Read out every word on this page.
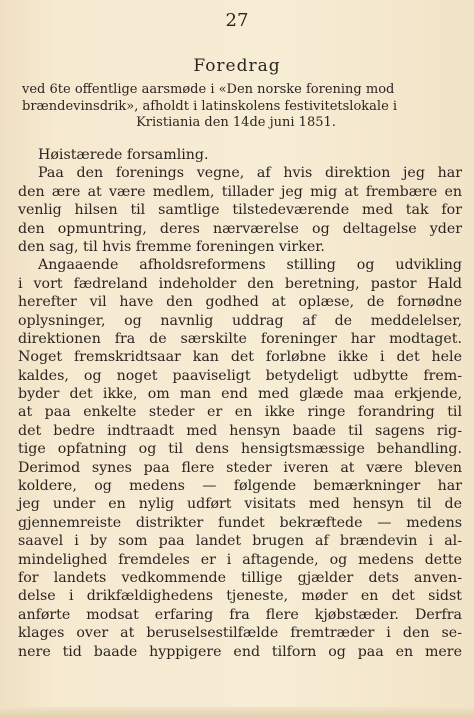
27
Foredrag
ved 6te offentlige aarsmøde i «Den norske forening mod
brændevinsdrik», afholdt i latinskolens festivitetslokale i
Kristiania den 14de juni 1851.
Høistærede forsamling.
Paa den forenings vegne, af hvis direktion jeg har
den ære at være medlem, tillader jeg mig at frembære en
venlig hilsen til samtlige tilstedeværende med tak for
den opmuntring, deres nærværelse og deltagelse yder
den sag, til hvis fremme foreningen virker.
Angaaende afholdsreformens stilling og udvikling
i vort fædreland indeholder den beretning, pastor Hald
herefter vil have den godhed at oplæse, de fornødne
oplysninger, og navnlig uddrag af de meddelelser,
direktionen fra de særskilte foreninger har modtaget.
Noget fremskridtsaar kan det forløbne ikke i det hele
kaldes, og noget paaviseligt betydeligt udbytte frem-
byder det ikke, om man end med glæde maa erkjende,
at paa enkelte steder er en ikke ringe forandring til
det bedre indtraadt med hensyn baade til sagens rig-
tige opfatning og til dens hensigtsmæssige behandling.
Derimod synes paa flere steder iveren at være bleven
koldere, og medens — følgende bemærkninger har
jeg under en nylig udført visitats med hensyn til de
gjennemreiste distrikter fundet bekræftede — medens
saavel i by som paa landet brugen af brændevin i al-
mindelighed fremdeles er i aftagende, og medens dette
for landets vedkommende tillige gjælder dets anven-
delse i drikfældighedens tjeneste, møder en det sidst
anførte modsat erfaring fra flere kjøbstæder. Derfra
klages over at beruselsestilfælde fremtræder i den se-
nere tid baade hyppigere end tilforn og paa en mere
